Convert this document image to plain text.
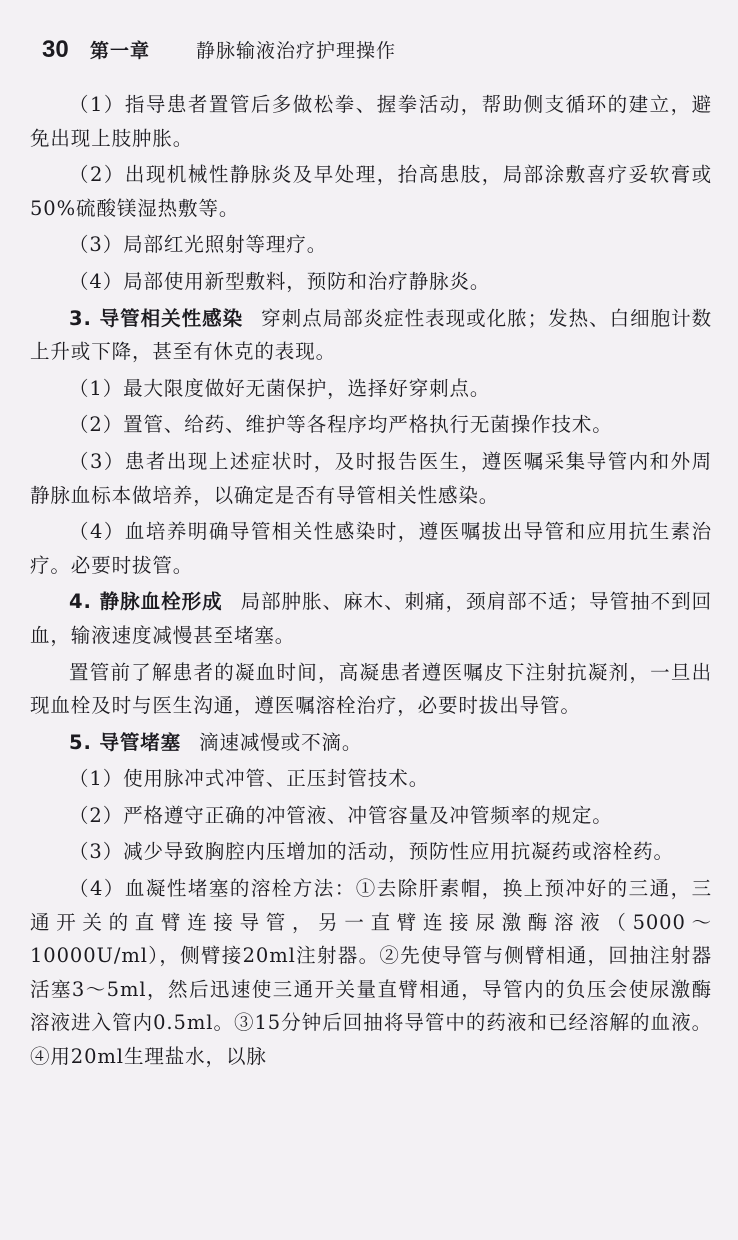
30 第一章 静脉输液治疗护理操作

（1）指导患者置管后多做松拳、握拳活动，帮助侧支循环的建立，避免出现上肢肿胀。

（2）出现机械性静脉炎及早处理，抬高患肢，局部涂敷喜疗妥软膏或50%硫酸镁湿热敷等。

（3）局部红光照射等理疗。

（4）局部使用新型敷料，预防和治疗静脉炎。

3. 导管相关性感染 穿刺点局部炎症性表现或化脓；发热、白细胞计数上升或下降，甚至有休克的表现。

（1）最大限度做好无菌保护，选择好穿刺点。

（2）置管、给药、维护等各程序均严格执行无菌操作技术。

（3）患者出现上述症状时，及时报告医生，遵医嘱采集导管内和外周静脉血标本做培养，以确定是否有导管相关性感染。

（4）血培养明确导管相关性感染时，遵医嘱拔出导管和应用抗生素治疗。必要时拔管。

4. 静脉血栓形成 局部肿胀、麻木、刺痛，颈肩部不适；导管抽不到回血，输液速度减慢甚至堵塞。

置管前了解患者的凝血时间，高凝患者遵医嘱皮下注射抗凝剂，一旦出现血栓及时与医生沟通，遵医嘱溶栓治疗，必要时拔出导管。

5. 导管堵塞 滴速减慢或不滴。

（1）使用脉冲式冲管、正压封管技术。

（2）严格遵守正确的冲管液、冲管容量及冲管频率的规定。

（3）减少导致胸腔内压增加的活动，预防性应用抗凝药或溶栓药。

（4）血凝性堵塞的溶栓方法：①去除肝素帽，换上预冲好的三通，三通开关的直臂连接导管，另一直臂连接尿激酶溶液（5000～10000U/ml），侧臂接20ml注射器。②先使导管与侧臂相通，回抽注射器活塞3～5ml，然后迅速使三通开关量直臂相通，导管内的负压会使尿激酶溶液进入管内0.5ml。③15分钟后回抽将导管中的药液和已经溶解的血液。④用20ml生理盐水，以脉
